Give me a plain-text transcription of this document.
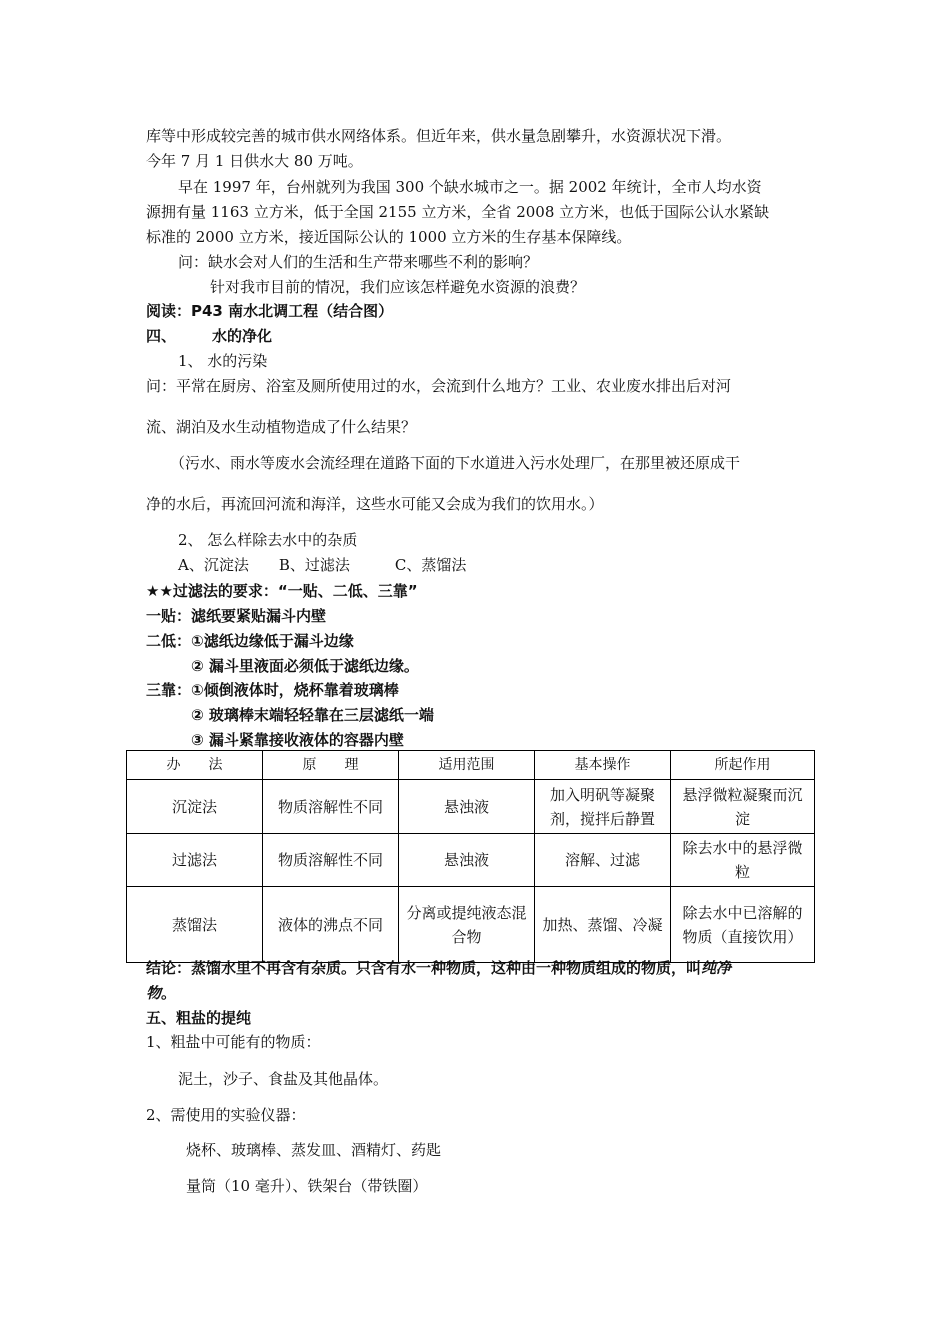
库等中形成较完善的城市供水网络体系。但近年来，供水量急剧攀升，水资源状况下滑。
今年 7 月 1 日供水大 80 万吨。
早在 1997 年，台州就列为我国 300 个缺水城市之一。据 2002 年统计，全市人均水资
源拥有量 1163 立方米，低于全国 2155 立方米，全省 2008 立方米，也低于国际公认水紧缺
标准的 2000 立方米，接近国际公认的 1000 立方米的生存基本保障线。
问：缺水会对人们的生活和生产带来哪些不利的影响？
针对我市目前的情况，我们应该怎样避免水资源的浪费？
阅读：P43 南水北调工程（结合图）
四、 水的净化
1、 水的污染
问：平常在厨房、浴室及厕所使用过的水，会流到什么地方？工业、农业废水排出后对河
流、湖泊及水生动植物造成了什么结果？
（污水、雨水等废水会流经理在道路下面的下水道进入污水处理厂，在那里被还原成干
净的水后，再流回河流和海洋，这些水可能又会成为我们的饮用水。）
2、 怎么样除去水中的杂质
A、沉淀法　　B、过滤法　　　C、蒸馏法
★★过滤法的要求：“一贴、二低、三靠”
一贴：滤纸要紧贴漏斗内壁
二低：①滤纸边缘低于漏斗边缘
② 漏斗里液面必须低于滤纸边缘。
三靠：①倾倒液体时，烧杯靠着玻璃棒
② 玻璃棒末端轻轻靠在三层滤纸一端
③ 漏斗紧靠接收液体的容器内壁
办　　法	原　　理	适用范围	基本操作	所起作用
沉淀法	物质溶解性不同	悬浊液	加入明矾等凝聚剂，搅拌后静置	悬浮微粒凝聚而沉淀
过滤法	物质溶解性不同	悬浊液	溶解、过滤	除去水中的悬浮微粒
蒸馏法	液体的沸点不同	分离或提纯液态混合物	加热、蒸馏、冷凝	除去水中已溶解的物质（直接饮用）
结论：蒸馏水里不再含有杂质。只含有水一种物质，这种由一种物质组成的物质，叫纯净
物。
五、粗盐的提纯
1、粗盐中可能有的物质：
泥土，沙子、食盐及其他晶体。
2、需使用的实验仪器：
烧杯、玻璃棒、蒸发皿、酒精灯、药匙
量筒（10 毫升）、铁架台（带铁圈）
